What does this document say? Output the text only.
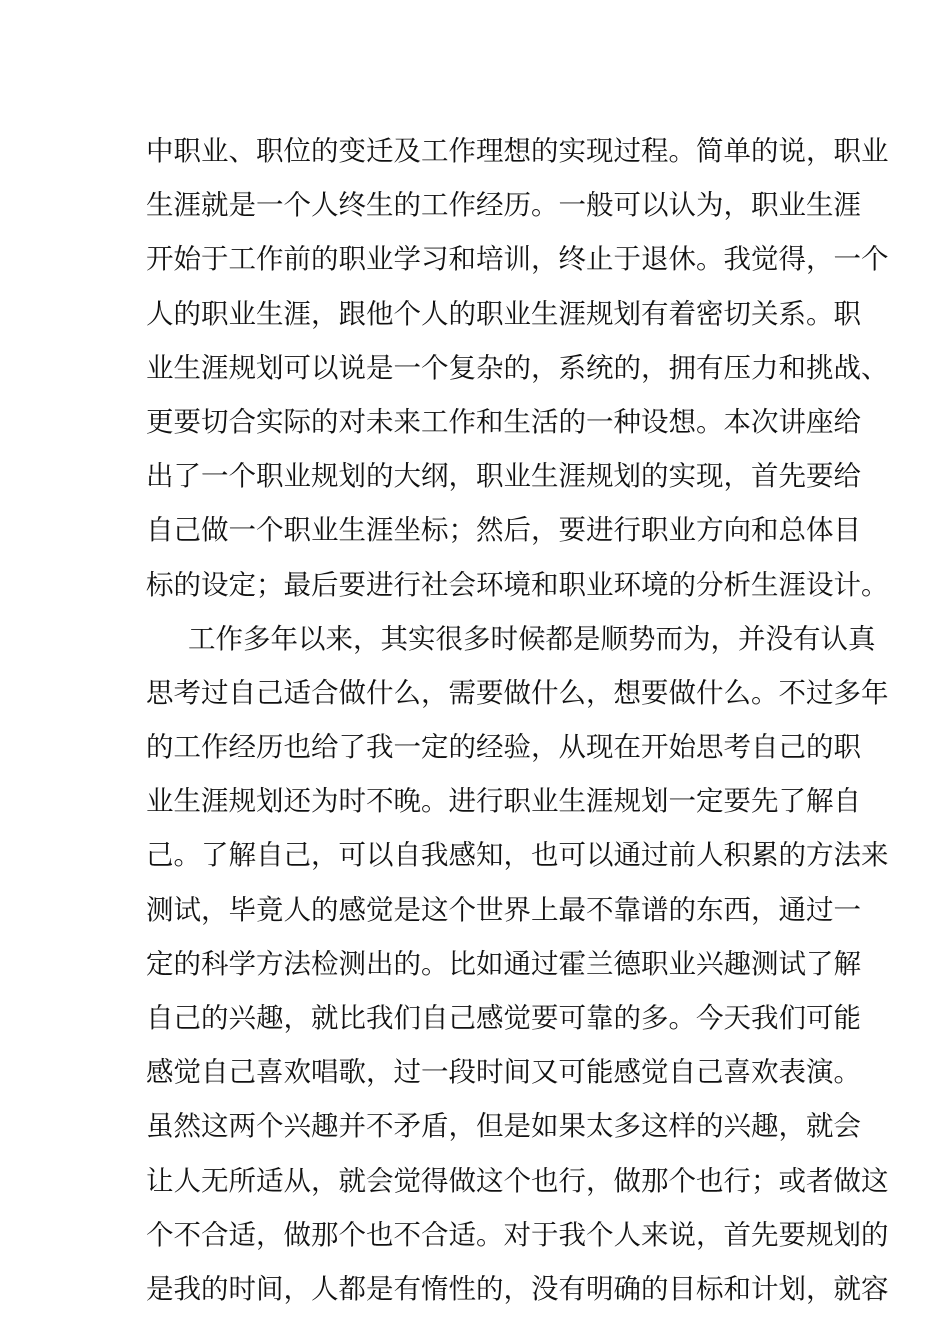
中职业、职位的变迁及工作理想的实现过程。简单的说，职业
生涯就是一个人终生的工作经历。一般可以认为，职业生涯
开始于工作前的职业学习和培训，终止于退休。我觉得，一个
人的职业生涯，跟他个人的职业生涯规划有着密切关系。职
业生涯规划可以说是一个复杂的，系统的，拥有压力和挑战、
更要切合实际的对未来工作和生活的一种设想。本次讲座给
出了一个职业规划的大纲，职业生涯规划的实现，首先要给
自己做一个职业生涯坐标；然后，要进行职业方向和总体目
标的设定；最后要进行社会环境和职业环境的分析生涯设计。
工作多年以来，其实很多时候都是顺势而为，并没有认真
思考过自己适合做什么，需要做什么，想要做什么。不过多年
的工作经历也给了我一定的经验，从现在开始思考自己的职
业生涯规划还为时不晚。进行职业生涯规划一定要先了解自
己。了解自己，可以自我感知，也可以通过前人积累的方法来
测试，毕竟人的感觉是这个世界上最不靠谱的东西，通过一
定的科学方法检测出的。比如通过霍兰德职业兴趣测试了解
自己的兴趣，就比我们自己感觉要可靠的多。今天我们可能
感觉自己喜欢唱歌，过一段时间又可能感觉自己喜欢表演。
虽然这两个兴趣并不矛盾，但是如果太多这样的兴趣，就会
让人无所适从，就会觉得做这个也行，做那个也行；或者做这
个不合适，做那个也不合适。对于我个人来说，首先要规划的
是我的时间，人都是有惰性的，没有明确的目标和计划，就容
